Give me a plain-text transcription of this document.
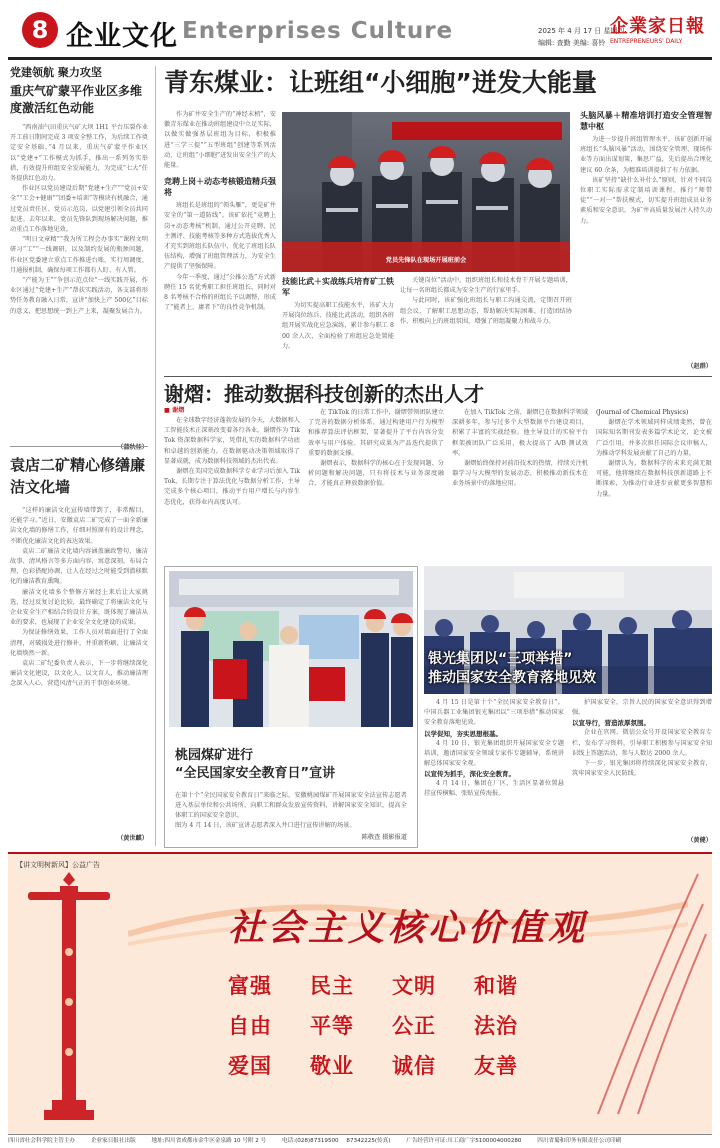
8 企业文化 Enterprises Culture	2025 年 4 月 17 日 星期四
编辑: 查勤 美编: 喜铃
企業家日報
ENTREPRENEURS' DAILY
党建领航 聚力攻坚
重庆气矿蒙平作业区多维度激活红色动能

“西南油气田重庆气矿大坝 1H1 平台压裂作业开工前日期间完成 3 项安全整工作，为后续工作奠定安全基础。”4 月以来，重庆气矿蒙平作业区以“党建+”工作模式为抓手，推出一系列务实举措，有效提升班组安全发展能力，为完成“七大”任务提供红色动力。

作业区以党员建设后期“党建+生产”“党员+安全”“工会+健康”“团委+培训”等模块有机融合，通过党员责任区、党员示范岗，以党建引领全员共同促进。去年以来，党员先锋队到现场解决问题，推动重点工作落地见效。

“明日文章精”“我为所工程会办事实”课程文明研习“工”“一线调研，以及制约发展的瓶颈问题，作业区党委建立重点工作推进台账，实行周调度、月通报机制，确保每项工作都有人盯、有人管。

“产能为王”“争创示范点位”一线实践开展，作业区通过“党建+生产”帮扶实践活动，各支部将形势任务教育融入日常，宣讲“加快上产 500亿”目标的意义，把思想统一到上产上来，凝聚发展合力。

（蒲秋桂）
袁店二矿精心修缮廉洁文化墙

“这样的廉洁文化宣传墙带到了，非常醒目，还能学习。”近日，安徽袁店二矿完成了一面全新廉洁文化墙的修缮工作，仔细对照原有的设计理念，不断优化廉洁文化的表达效果。

袁店二矿廉洁文化墙内容涵盖廉政警句、廉洁故事、清风格言等多方面内容，寓意深刻，布局合理，色彩搭配协调，让人在经过之时能受到潜移默化的廉洁教育熏陶。

廉洁文化墙多个整修方案经上来后让大家挑选，经过反复讨论比较，最终确定了将廉洁文化与企业安全生产相结合的设计方案，既体现了廉洁从业的要求，也展现了企业安全文化建设的成果。

为保证修缮效果，工作人员对墙面进行了全面清理，对破损处进行修补，并重新粉刷，让廉洁文化墙焕然一新。

袁店二矿纪委负责人表示，下一步将继续深化廉洁文化建设，以文化人、以文育人，推动廉洁理念深入人心，营造风清气正的干事创业环境。

（黄世麒）
青东煤业：让班组“小细胞”迸发大能量

作为矿井安全生产的“神经末梢”，安徽青东煤业在推动班组建设中立足实际，以做实做强基层班组为目标，积极推进“三学三提”“五型班组”创建等系列活动，让班组“小细胞”迸发出安全生产的大能量。

竞聘上岗＋动态考核锻造精兵强将

班组长是班组的“领头雁”，更是矿井安全的“第一道防线”。该矿依托“竞聘上岗+动态考核”机制，通过公开竞聘、民主测评、技能考核等多种方式选拔优秀人才充实到班组长队伍中，优化了班组长队伍结构，增强了班组管理活力，为安全生产提供了坚强保障。

今年一季度，通过“公推公选”方式新聘任 15 名优秀职工担任班组长，同时对 8 名考核不合格的班组长予以调整，形成了“能者上、庸者下”的良性竞争机制。

技能比武＋实战练兵培育矿工铁军

为切实提高职工技能水平，该矿大力开展岗位练兵、技能比武活动，组织各班组开展实战化应急演练，累计参与职工 800 余人次，全面检验了班组应急处置能力。

关键岗位”活动中，组织班组长和技术骨干开展专题培训，让每一名班组长都成为安全生产的行家里手。

与此同时，该矿强化班组长与职工沟通交流，定期召开班组会议，了解职工思想动态，帮助解决实际困难，打造团结协作、积极向上的班组氛围，增强了班组凝聚力和战斗力。

头脑风暴＋精准培训打造安全管理智慧中枢

为进一步提升班组管理水平，该矿创新开展班组长“头脑风暴”活动，围绕安全管理、现场作业等方面出谋划策，集思广益，先后提出合理化建议 60 余条，为精准培训提供了有力依据。

该矿坚持“缺什么补什么”原则，针对不同岗位职工实际需求定制培训课程，推行“师带徒”“一对一”帮扶模式，切实提升班组成员业务素质和安全意识，为矿井高质量发展注入持久动力。

（赵群）
党员先锋队在现场开展班前会
谢熠：推动数据科技创新的杰出人才
■ 谢熠

在全球数字经济蓬勃发展的今天，大数据和人工智能技术正深刻改变着各行各业。谢熠作为 TikTok 资深数据科学家，凭借扎实的数据科学功底和卓越的创新能力，在数据驱动决策领域取得了显著成就，成为数据科技领域的杰出代表。

谢熠在美国完成数据科学专业学习后加入 TikTok，长期专注于算法优化与数据分析工作，主导完成多个核心项目，推动平台用户增长与内容生态优化，获得业内高度认可。

在 TikTok 的日常工作中，谢熠带领团队建立了完善的数据分析体系，通过构建用户行为模型和推荐算法评估框架，显著提升了平台内容分发效率与用户体验。其研究成果为产品迭代提供了重要的数据支撑。

谢熠表示，数据科学的核心在于发现问题、分析问题和解决问题，只有将技术与业务深度融合，才能真正释放数据价值。

在加入 TikTok 之前，谢熠已在数据科学领域深耕多年，参与过多个大型数据平台建设项目，积累了丰富的实战经验。他主导设计的实验平台框架被团队广泛采用，极大提高了 A/B 测试效率。

谢熠始终保持对前沿技术的热情，持续关注机器学习与大模型的发展动态，积极推动新技术在业务场景中的落地应用。

(Journal of Chemical Physics)

谢熠在学术领域同样成绩斐然，曾在国际知名期刊发表多篇学术论文，论文被广泛引用，并多次担任国际会议审稿人，为推动学科发展贡献了自己的力量。

谢熠认为，数据科学的未来充满无限可能，他将继续在数据科技创新道路上不断探索，为推动行业进步贡献更多智慧和力量。

桃园煤矿进行
“全民国家安全教育日”宣讲
在第十个“全民国家安全教育日”来临之际，安徽桃园煤矿开展国家安全法宣传志愿者进入基层单位和公共场所，向职工和群众发放宣传资料，讲解国家安全知识，提高全体职工的国家安全意识。
图为 4 月 14 日，该矿宣讲志愿者深入井口进行宣传讲解的场景。
陈敬查 摄影报道
银光集团以“三项举措”
推动国家安全教育落地见效

4 月 15 日是第十个“全民国家安全教育日”。中国兵器工业集团银光集团以“三项举措”推动国家安全教育落地见效。

以学促知，夯实思想根基。

4 月 10 日，银光集团组织开展国家安全专题培训，邀请国家安全领域专家作专题辅导，系统讲解总体国家安全观。

以宣传为抓手，深化安全教育。

4 月 14 日，集团在厂区、生活区显著位置悬挂宣传横幅、张贴宣传海报。

护国家安全，宗旨人民的国家安全意识得到增强。

以宣导行，营造浓厚氛围。

企业在官网、微信公众号开设国家安全教育专栏，发布学习资料，引导职工积极参与国家安全知识线上答题活动，参与人数达 2000 余人。

下一步，银光集团将持续深化国家安全教育，筑牢国家安全人民防线。

（黄健）
【讲文明树新风】公益广告
社会主义核心价值观
富强 民主 文明 和谐
自由 平等 公正 法治
爱国 敬业 诚信 友善
四川省社会科学院主管主办	企业家日报社出版	地址:四川省成都市金牛区金泉路 10 号附 2 号	电话:(028)87319500 87342225(传真)	广告经营许可证:川工商广字5100004000280	四川省蜀和印务有限责任公司印刷
